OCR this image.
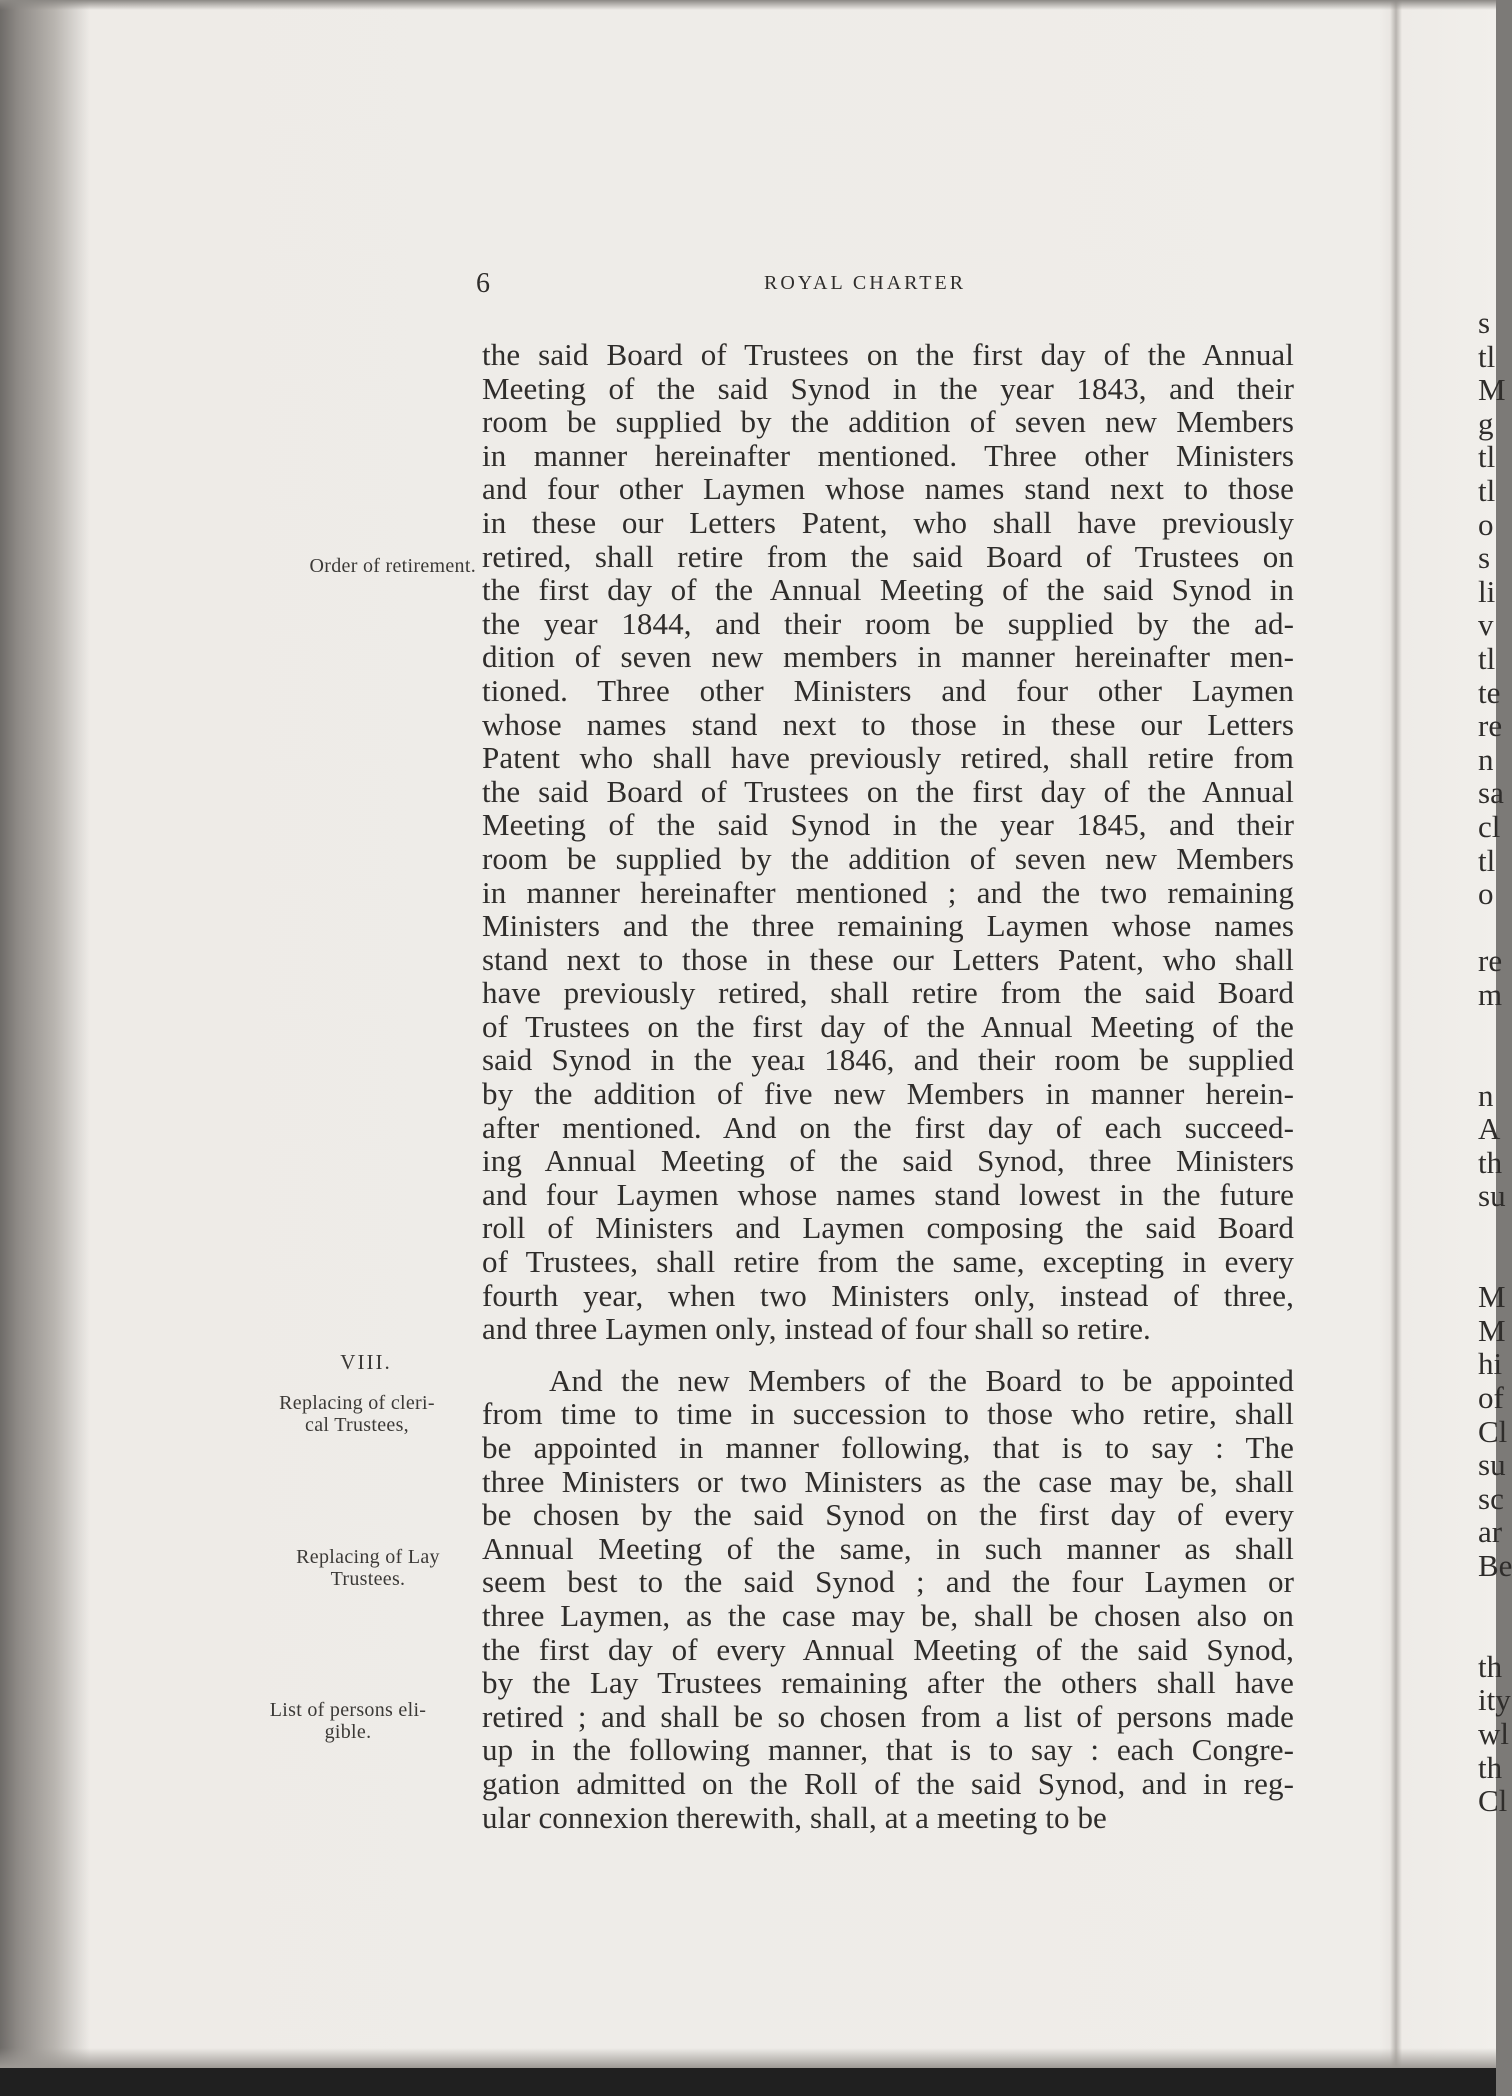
6	ROYAL CHARTER
Order of retirement.
VIII.
Replacing of cleri-
cal Trustees,
Replacing of Lay
Trustees.
List of persons eli-
gible.

the said Board of Trustees on the first day of the Annual
Meeting of the said Synod in the year 1843, and their
room be supplied by the addition of seven new Members
in manner hereinafter mentioned. Three other Ministers
and four other Laymen whose names stand next to those
in these our Letters Patent, who shall have previously
retired, shall retire from the said Board of Trustees on
the first day of the Annual Meeting of the said Synod in
the year 1844, and their room be supplied by the ad-
dition of seven new members in manner hereinafter men-
tioned. Three other Ministers and four other Laymen
whose names stand next to those in these our Letters
Patent who shall have previously retired, shall retire from
the said Board of Trustees on the first day of the Annual
Meeting of the said Synod in the year 1845, and their
room be supplied by the addition of seven new Members
in manner hereinafter mentioned ; and the two remaining
Ministers and the three remaining Laymen whose names
stand next to those in these our Letters Patent, who shall
have previously retired, shall retire from the said Board
of Trustees on the first day of the Annual Meeting of the
said Synod in the yeaɹ 1846, and their room be supplied
by the addition of five new Members in manner herein-
after mentioned. And on the first day of each succeed-
ing Annual Meeting of the said Synod, three Ministers
and four Laymen whose names stand lowest in the future
roll of Ministers and Laymen composing the said Board
of Trustees, shall retire from the same, excepting in every
fourth year, when two Ministers only, instead of three,
and three Laymen only, instead of four shall so retire.

And the new Members of the Board to be appointed
from time to time in succession to those who retire, shall
be appointed in manner following, that is to say : The
three Ministers or two Ministers as the case may be, shall
be chosen by the said Synod on the first day of every
Annual Meeting of the same, in such manner as shall
seem best to the said Synod ; and the four Laymen or
three Laymen, as the case may be, shall be chosen also on
the first day of every Annual Meeting of the said Synod,
by the Lay Trustees remaining after the others shall have
retired ; and shall be so chosen from a list of persons made
up in the following manner, that is to say : each Congre-
gation admitted on the Roll of the said Synod, and in reg-
ular connexion therewith, shall, at a meeting to be

s
tl
M
g
tl
tl
o
s
li
v
tl
te
re
n
sa
cl
tl
o
re
m
n
A
th
su
M
M
hi
of
Cl
su
sc
ar
Be
th
ity
wl
th
Cl
